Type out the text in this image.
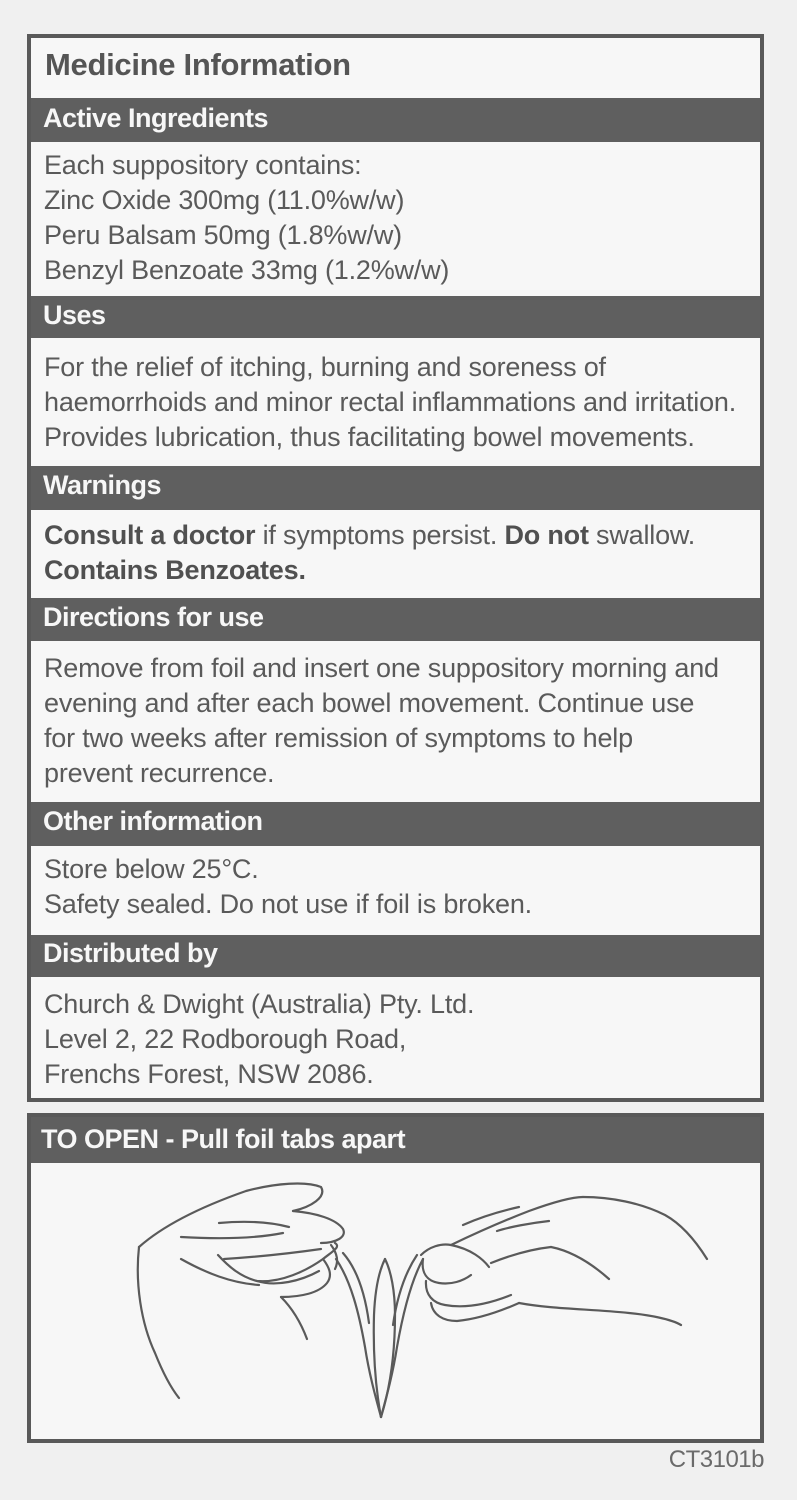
Medicine Information
Active Ingredients
Each suppository contains:
Zinc Oxide 300mg (11.0%w/w)
Peru Balsam 50mg (1.8%w/w)
Benzyl Benzoate 33mg (1.2%w/w)
Uses
For the relief of itching, burning and soreness of
haemorrhoids and minor rectal inflammations and irritation.
Provides lubrication, thus facilitating bowel movements.
Warnings
Consult a doctor if symptoms persist. Do not swallow.
Contains Benzoates.
Directions for use
Remove from foil and insert one suppository morning and
evening and after each bowel movement. Continue use
for two weeks after remission of symptoms to help
prevent recurrence.
Other information
Store below 25°C.
Safety sealed. Do not use if foil is broken.
Distributed by
Church & Dwight (Australia) Pty. Ltd.
Level 2, 22 Rodborough Road,
Frenchs Forest, NSW 2086.
TO OPEN - Pull foil tabs apart
CT3101b
